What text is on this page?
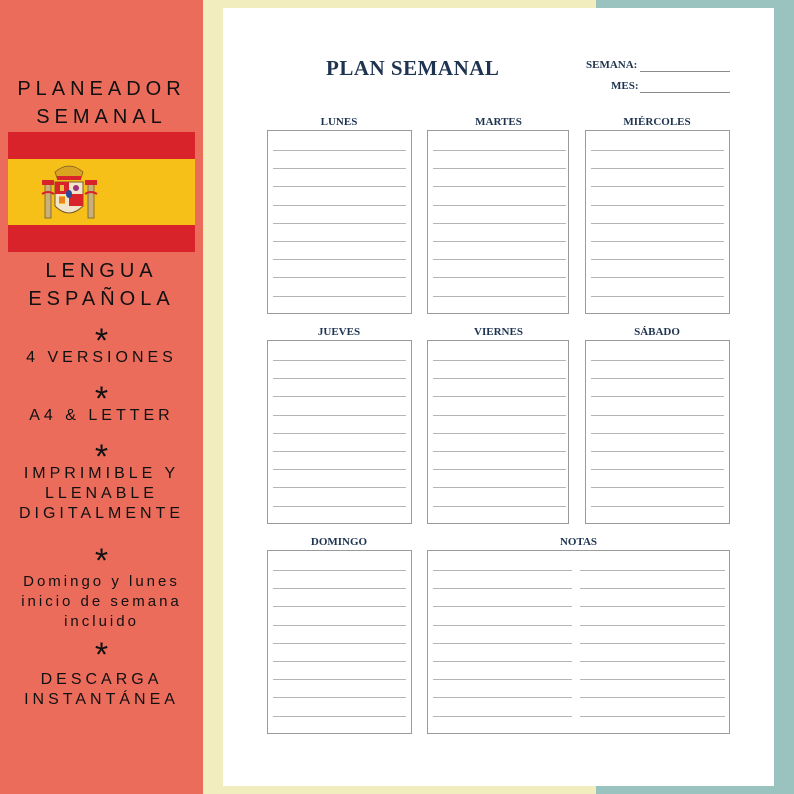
PLANEADOR
SEMANAL
LENGUA
ESPAÑOLA
*
4 VERSIONES
*
A4 & LETTER
*
IMPRIMIBLE Y
LLENABLE
DIGITALMENTE
*
Domingo y lunes
inicio de semana
incluido
*
DESCARGA
INSTANTÁNEA
PLAN SEMANAL	SEMANA:
MES:
LUNES	MARTES	MIÉRCOLES
JUEVES	VIERNES	SÁBADO
DOMINGO	NOTAS
